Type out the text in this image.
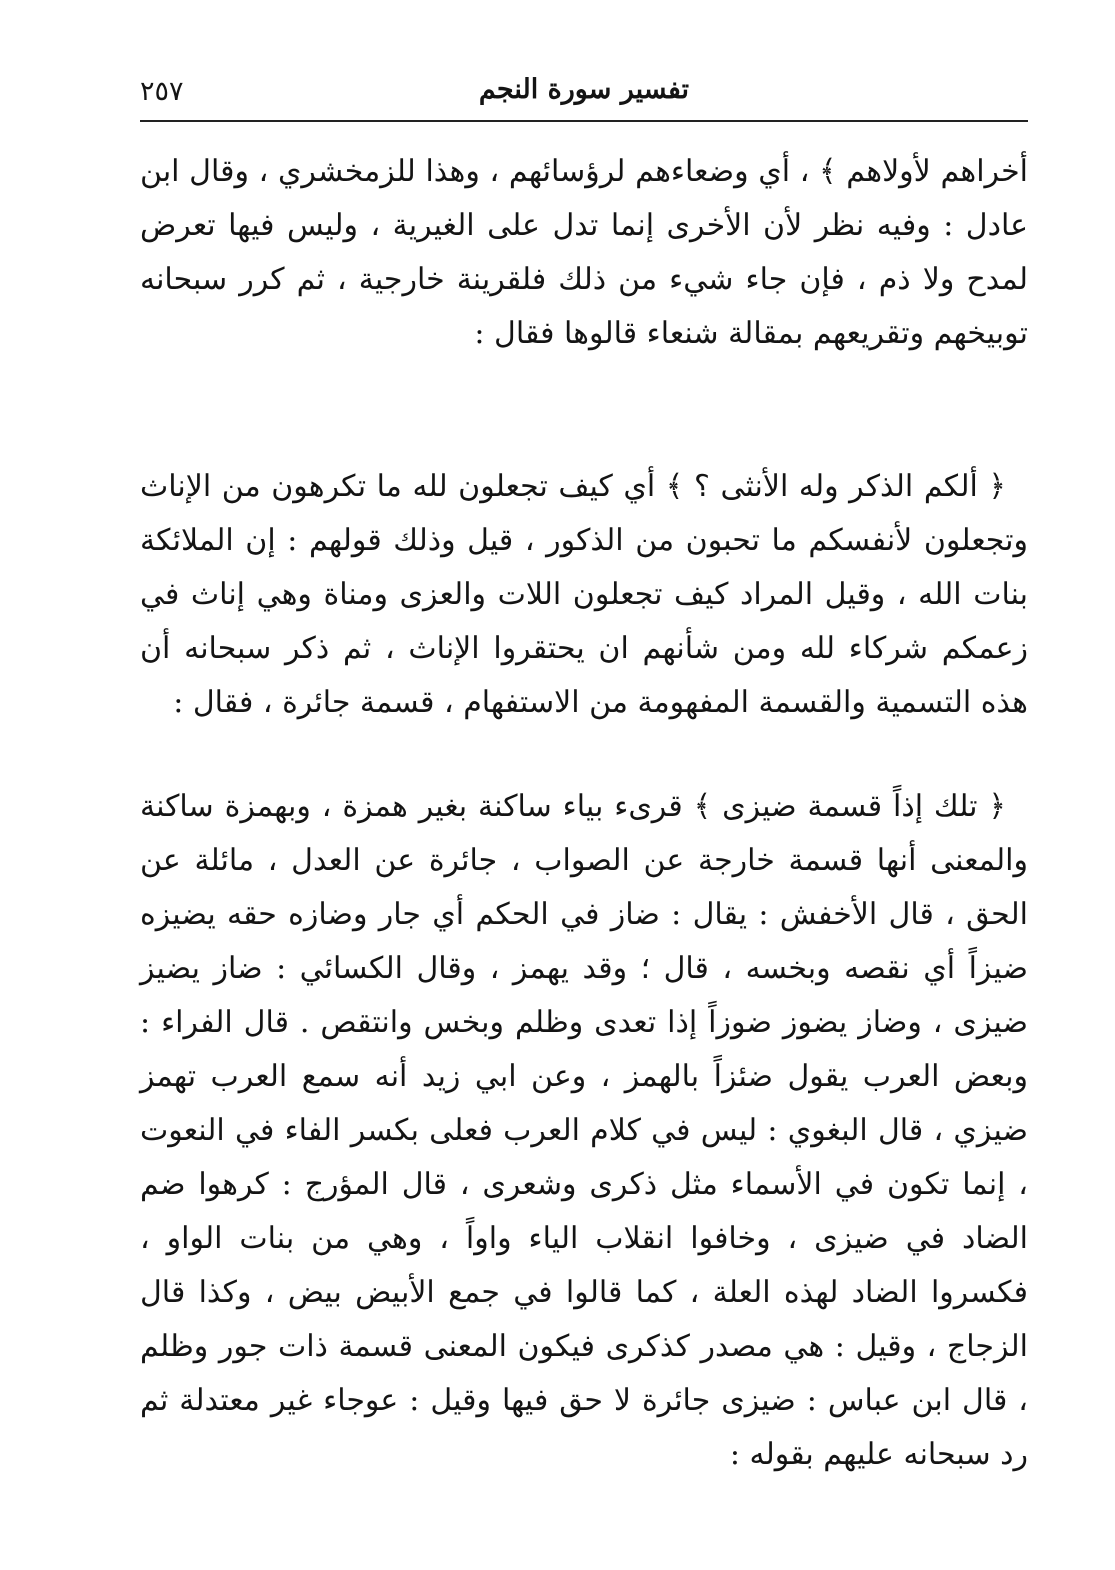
٢٥٧	تفسير سورة النجم

أخراهم لأولاهم ﴾ ، أي وضعاءهم لرؤسائهم ، وهذا للزمخشري ، وقال ابن عادل : وفيه نظر لأن الأخرى إنما تدل على الغيرية ، وليس فيها تعرض لمدح ولا ذم ، فإن جاء شيء من ذلك فلقرينة خارجية ، ثم كرر سبحانه توبيخهم وتقريعهم بمقالة شنعاء قالوها فقال :

﴿ ألكم الذكر وله الأنثى ؟ ﴾ أي كيف تجعلون لله ما تكرهون من الإناث وتجعلون لأنفسكم ما تحبون من الذكور ، قيل وذلك قولهم : إن الملائكة بنات الله ، وقيل المراد كيف تجعلون اللات والعزى ومناة وهي إناث في زعمكم شركاء لله ومن شأنهم ان يحتقروا الإناث ، ثم ذكر سبحانه أن هذه التسمية والقسمة المفهومة من الاستفهام ، قسمة جائرة ، فقال :

﴿ تلك إذاً قسمة ضيزى ﴾ قرىء بياء ساكنة بغير همزة ، وبهمزة ساكنة والمعنى أنها قسمة خارجة عن الصواب ، جائرة عن العدل ، مائلة عن الحق ، قال الأخفش : يقال : ضاز في الحكم أي جار وضازه حقه يضيزه ضيزاً أي نقصه وبخسه ، قال ؛ وقد يهمز ، وقال الكسائي : ضاز يضيز ضيزى ، وضاز يضوز ضوزاً إذا تعدى وظلم وبخس وانتقص . قال الفراء : وبعض العرب يقول ضئزاً بالهمز ، وعن ابي زيد أنه سمع العرب تهمز ضيزي ، قال البغوي : ليس في كلام العرب فعلى بكسر الفاء في النعوت ، إنما تكون في الأسماء مثل ذكرى وشعرى ، قال المؤرج : كرهوا ضم الضاد في ضيزى ، وخافوا انقلاب الياء واواً ، وهي من بنات الواو ، فكسروا الضاد لهذه العلة ، كما قالوا في جمع الأبيض بيض ، وكذا قال الزجاج ، وقيل : هي مصدر كذكرى فيكون المعنى قسمة ذات جور وظلم ، قال ابن عباس : ضيزى جائرة لا حق فيها وقيل : عوجاء غير معتدلة ثم رد سبحانه عليهم بقوله :
